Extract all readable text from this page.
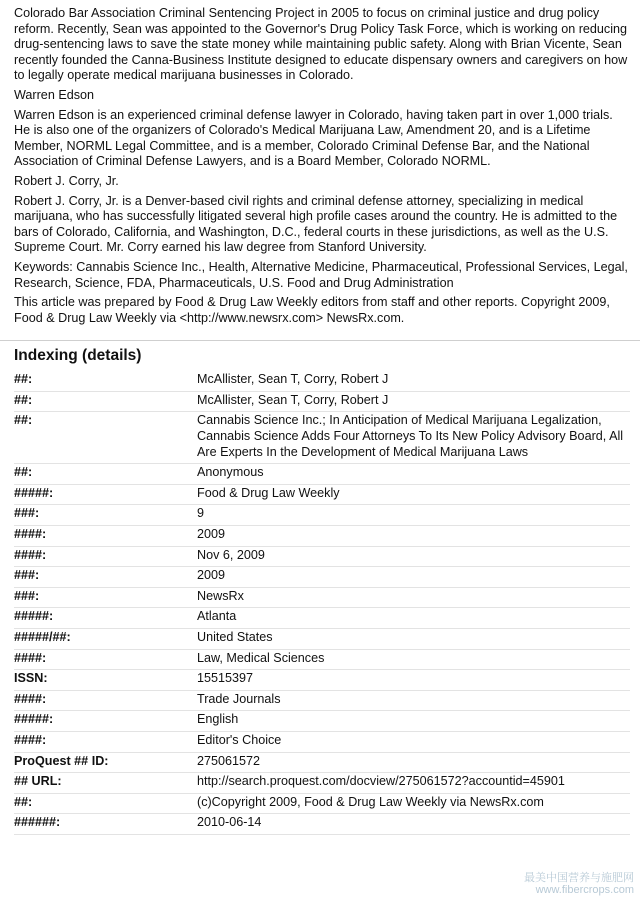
Colorado Bar Association Criminal Sentencing Project in 2005 to focus on criminal justice and drug policy reform. Recently, Sean was appointed to the Governor's Drug Policy Task Force, which is working on reducing drug-sentencing laws to save the state money while maintaining public safety. Along with Brian Vicente, Sean recently founded the Canna-Business Institute designed to educate dispensary owners and caregivers on how to legally operate medical marijuana businesses in Colorado.

Warren Edson

Warren Edson is an experienced criminal defense lawyer in Colorado, having taken part in over 1,000 trials. He is also one of the organizers of Colorado's Medical Marijuana Law, Amendment 20, and is a Lifetime Member, NORML Legal Committee, and is a member, Colorado Criminal Defense Bar, and the National Association of Criminal Defense Lawyers, and is a Board Member, Colorado NORML.

Robert J. Corry, Jr.

Robert J. Corry, Jr. is a Denver-based civil rights and criminal defense attorney, specializing in medical marijuana, who has successfully litigated several high profile cases around the country. He is admitted to the bars of Colorado, California, and Washington, D.C., federal courts in these jurisdictions, as well as the U.S. Supreme Court. Mr. Corry earned his law degree from Stanford University.

Keywords: Cannabis Science Inc., Health, Alternative Medicine, Pharmaceutical, Professional Services, Legal, Research, Science, FDA, Pharmaceuticals, U.S. Food and Drug Administration

This article was prepared by Food & Drug Law Weekly editors from staff and other reports. Copyright 2009, Food & Drug Law Weekly via <http://www.newsrx.com> NewsRx.com.

Indexing (details)
##:	McAllister, Sean T, Corry, Robert J
##:	McAllister, Sean T, Corry, Robert J
##:	Cannabis Science Inc.; In Anticipation of Medical Marijuana Legalization, Cannabis Science Adds Four Attorneys To Its New Policy Advisory Board, All Are Experts In the Development of Medical Marijuana Laws
##:	Anonymous
#####:	Food & Drug Law Weekly
###:	9
####:	2009
####:	Nov 6, 2009
###:	2009
###:	NewsRx
#####:	Atlanta
#####/##:	United States
####:	Law, Medical Sciences
ISSN:	15515397
####:	Trade Journals
#####:	English
####:	Editor's Choice
ProQuest ## ID:	275061572
## URL:	http://search.proquest.com/docview/275061572?accountid=45901
##:	(c)Copyright 2009, Food & Drug Law Weekly via NewsRx.com
######:	2010-06-14
最美中国营养与施肥网
www.fibercrops.com
